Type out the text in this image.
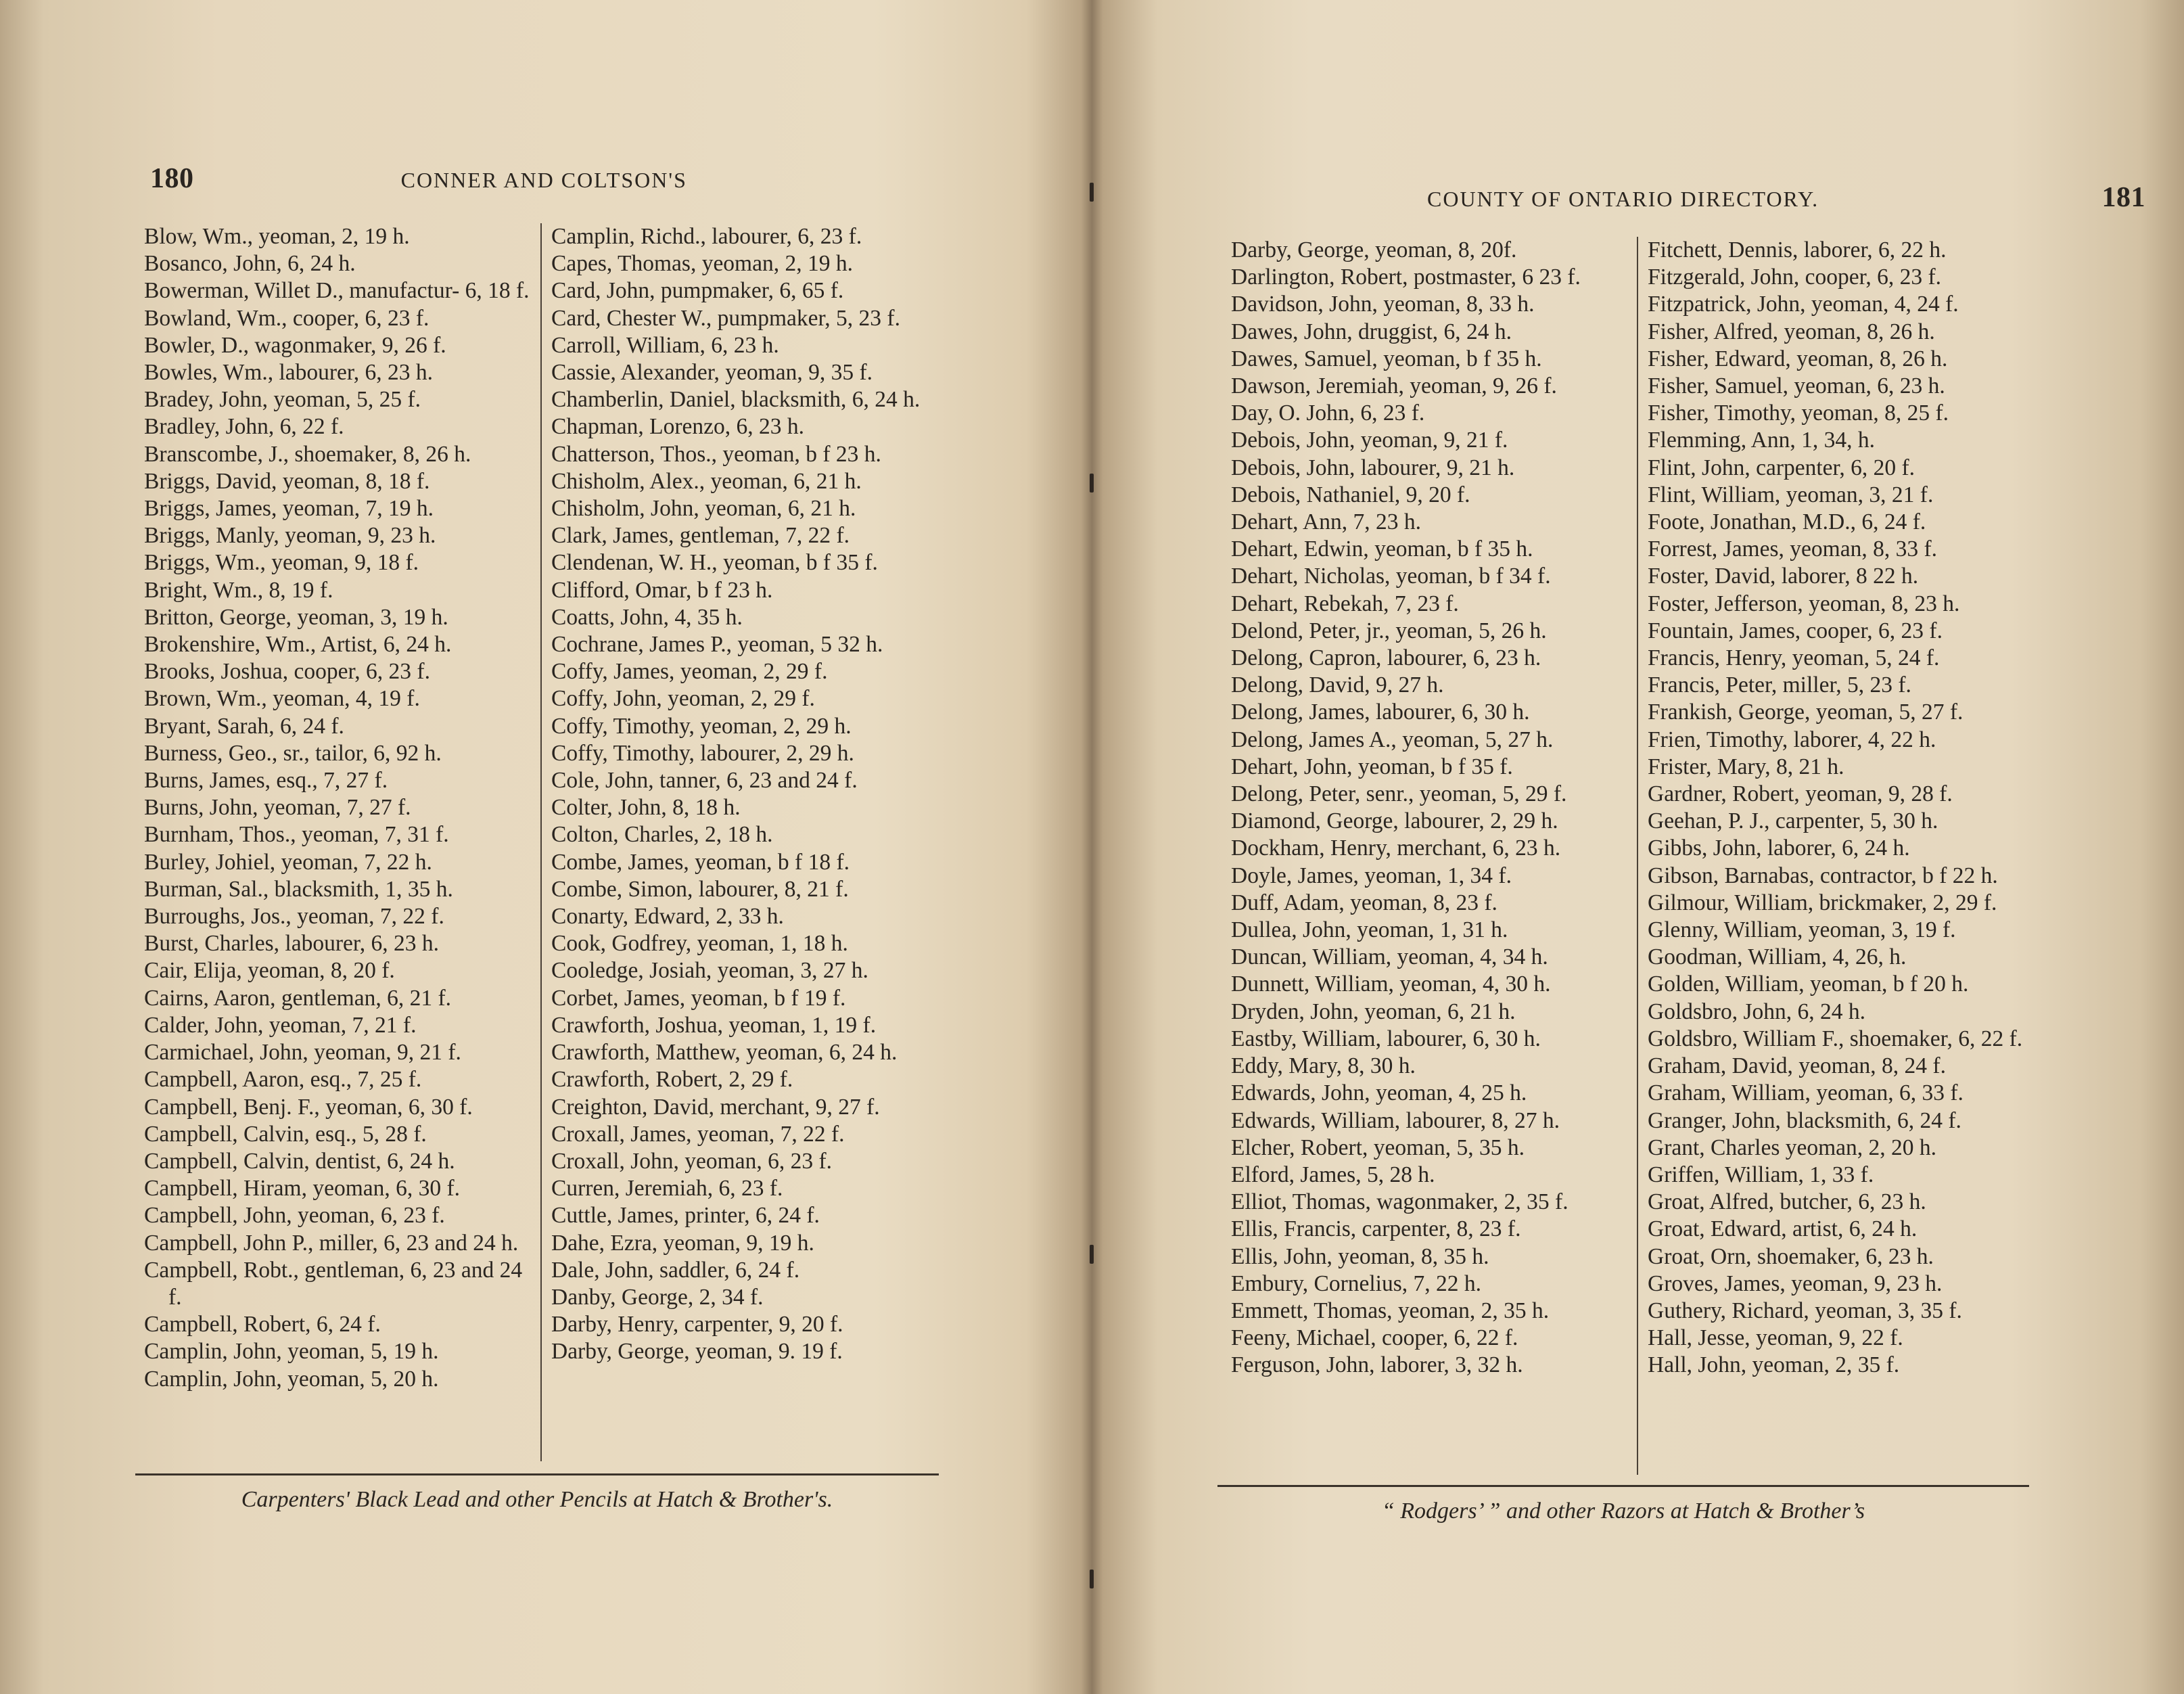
180	CONNER AND COLTSON'S
Blow, Wm., yeoman, 2, 19 h.
Bosanco, John, 6, 24 h.
Bowerman, Willet D., manufactur- 6, 18 f.
Bowland, Wm., cooper, 6, 23 f.
Bowler, D., wagonmaker, 9, 26 f.
Bowles, Wm., labourer, 6, 23 h.
Bradey, John, yeoman, 5, 25 f.
Bradley, John, 6, 22 f.
Branscombe, J., shoemaker, 8, 26 h.
Briggs, David, yeoman, 8, 18 f.
Briggs, James, yeoman, 7, 19 h.
Briggs, Manly, yeoman, 9, 23 h.
Briggs, Wm., yeoman, 9, 18 f.
Bright, Wm., 8, 19 f.
Britton, George, yeoman, 3, 19 h.
Brokenshire, Wm., Artist, 6, 24 h.
Brooks, Joshua, cooper, 6, 23 f.
Brown, Wm., yeoman, 4, 19 f.
Bryant, Sarah, 6, 24 f.
Burness, Geo., sr., tailor, 6, 92 h.
Burns, James, esq., 7, 27 f.
Burns, John, yeoman, 7, 27 f.
Burnham, Thos., yeoman, 7, 31 f.
Burley, Johiel, yeoman, 7, 22 h.
Burman, Sal., blacksmith, 1, 35 h.
Burroughs, Jos., yeoman, 7, 22 f.
Burst, Charles, labourer, 6, 23 h.
Cair, Elija, yeoman, 8, 20 f.
Cairns, Aaron, gentleman, 6, 21 f.
Calder, John, yeoman, 7, 21 f.
Carmichael, John, yeoman, 9, 21 f.
Campbell, Aaron, esq., 7, 25 f.
Campbell, Benj. F., yeoman, 6, 30 f.
Campbell, Calvin, esq., 5, 28 f.
Campbell, Calvin, dentist, 6, 24 h.
Campbell, Hiram, yeoman, 6, 30 f.
Campbell, John, yeoman, 6, 23 f.
Campbell, John P., miller, 6, 23 and 24 h.
Campbell, Robt., gentleman, 6, 23 and 24 f.
Campbell, Robert, 6, 24 f.
Camplin, John, yeoman, 5, 19 h.
Camplin, John, yeoman, 5, 20 h.
Camplin, Richd., labourer, 6, 23 f.
Capes, Thomas, yeoman, 2, 19 h.
Card, John, pumpmaker, 6, 65 f.
Card, Chester W., pumpmaker, 5, 23 f.
Carroll, William, 6, 23 h.
Cassie, Alexander, yeoman, 9, 35 f.
Chamberlin, Daniel, blacksmith, 6, 24 h.
Chapman, Lorenzo, 6, 23 h.
Chatterson, Thos., yeoman, b f 23 h.
Chisholm, Alex., yeoman, 6, 21 h.
Chisholm, John, yeoman, 6, 21 h.
Clark, James, gentleman, 7, 22 f.
Clendenan, W. H., yeoman, b f 35 f.
Clifford, Omar, b f 23 h.
Coatts, John, 4, 35 h.
Cochrane, James P., yeoman, 5 32 h.
Coffy, James, yeoman, 2, 29 f.
Coffy, John, yeoman, 2, 29 f.
Coffy, Timothy, yeoman, 2, 29 h.
Coffy, Timothy, labourer, 2, 29 h.
Cole, John, tanner, 6, 23 and 24 f.
Colter, John, 8, 18 h.
Colton, Charles, 2, 18 h.
Combe, James, yeoman, b f 18 f.
Combe, Simon, labourer, 8, 21 f.
Conarty, Edward, 2, 33 h.
Cook, Godfrey, yeoman, 1, 18 h.
Cooledge, Josiah, yeoman, 3, 27 h.
Corbet, James, yeoman, b f 19 f.
Crawforth, Joshua, yeoman, 1, 19 f.
Crawforth, Matthew, yeoman, 6, 24 h.
Crawforth, Robert, 2, 29 f.
Creighton, David, merchant, 9, 27 f.
Croxall, James, yeoman, 7, 22 f.
Croxall, John, yeoman, 6, 23 f.
Curren, Jeremiah, 6, 23 f.
Cuttle, James, printer, 6, 24 f.
Dahe, Ezra, yeoman, 9, 19 h.
Dale, John, saddler, 6, 24 f.
Danby, George, 2, 34 f.
Darby, Henry, carpenter, 9, 20 f.
Darby, George, yeoman, 9. 19 f.
Carpenters' Black Lead and other Pencils at Hatch & Brother's.
COUNTY OF ONTARIO DIRECTORY.	181
Darby, George, yeoman, 8, 20f.
Darlington, Robert, postmaster, 6 23 f.
Davidson, John, yeoman, 8, 33 h.
Dawes, John, druggist, 6, 24 h.
Dawes, Samuel, yeoman, b f 35 h.
Dawson, Jeremiah, yeoman, 9, 26 f.
Day, O. John, 6, 23 f.
Debois, John, yeoman, 9, 21 f.
Debois, John, labourer, 9, 21 h.
Debois, Nathaniel, 9, 20 f.
Dehart, Ann, 7, 23 h.
Dehart, Edwin, yeoman, b f 35 h.
Dehart, Nicholas, yeoman, b f 34 f.
Dehart, Rebekah, 7, 23 f.
Delond, Peter, jr., yeoman, 5, 26 h.
Delong, Capron, labourer, 6, 23 h.
Delong, David, 9, 27 h.
Delong, James, labourer, 6, 30 h.
Delong, James A., yeoman, 5, 27 h.
Dehart, John, yeoman, b f 35 f.
Delong, Peter, senr., yeoman, 5, 29 f.
Diamond, George, labourer, 2, 29 h.
Dockham, Henry, merchant, 6, 23 h.
Doyle, James, yeoman, 1, 34 f.
Duff, Adam, yeoman, 8, 23 f.
Dullea, John, yeoman, 1, 31 h.
Duncan, William, yeoman, 4, 34 h.
Dunnett, William, yeoman, 4, 30 h.
Dryden, John, yeoman, 6, 21 h.
Eastby, William, labourer, 6, 30 h.
Eddy, Mary, 8, 30 h.
Edwards, John, yeoman, 4, 25 h.
Edwards, William, labourer, 8, 27 h.
Elcher, Robert, yeoman, 5, 35 h.
Elford, James, 5, 28 h.
Elliot, Thomas, wagonmaker, 2, 35 f.
Ellis, Francis, carpenter, 8, 23 f.
Ellis, John, yeoman, 8, 35 h.
Embury, Cornelius, 7, 22 h.
Emmett, Thomas, yeoman, 2, 35 h.
Feeny, Michael, cooper, 6, 22 f.
Ferguson, John, laborer, 3, 32 h.
Fitchett, Dennis, laborer, 6, 22 h.
Fitzgerald, John, cooper, 6, 23 f.
Fitzpatrick, John, yeoman, 4, 24 f.
Fisher, Alfred, yeoman, 8, 26 h.
Fisher, Edward, yeoman, 8, 26 h.
Fisher, Samuel, yeoman, 6, 23 h.
Fisher, Timothy, yeoman, 8, 25 f.
Flemming, Ann, 1, 34, h.
Flint, John, carpenter, 6, 20 f.
Flint, William, yeoman, 3, 21 f.
Foote, Jonathan, M.D., 6, 24 f.
Forrest, James, yeoman, 8, 33 f.
Foster, David, laborer, 8 22 h.
Foster, Jefferson, yeoman, 8, 23 h.
Fountain, James, cooper, 6, 23 f.
Francis, Henry, yeoman, 5, 24 f.
Francis, Peter, miller, 5, 23 f.
Frankish, George, yeoman, 5, 27 f.
Frien, Timothy, laborer, 4, 22 h.
Frister, Mary, 8, 21 h.
Gardner, Robert, yeoman, 9, 28 f.
Geehan, P. J., carpenter, 5, 30 h.
Gibbs, John, laborer, 6, 24 h.
Gibson, Barnabas, contractor, b f 22 h.
Gilmour, William, brickmaker, 2, 29 f.
Glenny, William, yeoman, 3, 19 f.
Goodman, William, 4, 26, h.
Golden, William, yeoman, b f 20 h.
Goldsbro, John, 6, 24 h.
Goldsbro, William F., shoemaker, 6, 22 f.
Graham, David, yeoman, 8, 24 f.
Graham, William, yeoman, 6, 33 f.
Granger, John, blacksmith, 6, 24 f.
Grant, Charles yeoman, 2, 20 h.
Griffen, William, 1, 33 f.
Groat, Alfred, butcher, 6, 23 h.
Groat, Edward, artist, 6, 24 h.
Groat, Orn, shoemaker, 6, 23 h.
Groves, James, yeoman, 9, 23 h.
Guthery, Richard, yeoman, 3, 35 f.
Hall, Jesse, yeoman, 9, 22 f.
Hall, John, yeoman, 2, 35 f.
“ Rodgers’ ” and other Razors at Hatch & Brother’s
